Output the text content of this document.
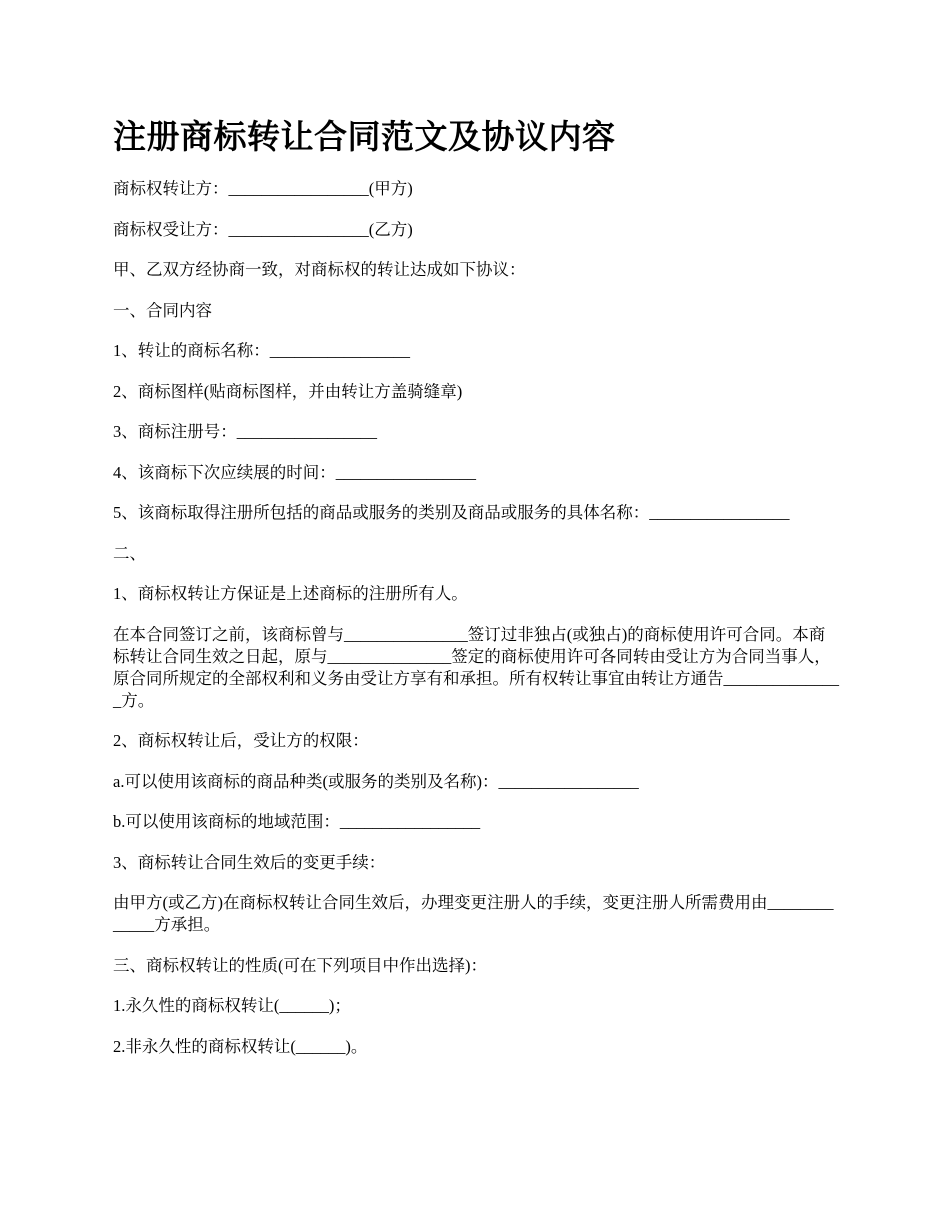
注册商标转让合同范文及协议内容

商标权转让方：_________________(甲方)

商标权受让方：_________________(乙方)

甲、乙双方经协商一致，对商标权的转让达成如下协议：

一、合同内容

1、转让的商标名称：_________________

2、商标图样(贴商标图样，并由转让方盖骑缝章)

3、商标注册号：_________________

4、该商标下次应续展的时间：_________________

5、该商标取得注册所包括的商品或服务的类别及商品或服务的具体名称：_________________

二、

1、商标权转让方保证是上述商标的注册所有人。

在本合同签订之前，该商标曾与_______________签订过非独占(或独占)的商标使用许可合同。本商标转让合同生效之日起，原与_______________签定的商标使用许可各同转由受让方为合同当事人，原合同所规定的全部权利和义务由受让方享有和承担。所有权转让事宜由转让方通告_______________方。

2、商标权转让后，受让方的权限：

a.可以使用该商标的商品种类(或服务的类别及名称)：_________________

b.可以使用该商标的地域范围：_________________

3、商标转让合同生效后的变更手续：

由甲方(或乙方)在商标权转让合同生效后，办理变更注册人的手续，变更注册人所需费用由_____________方承担。

三、商标权转让的性质(可在下列项目中作出选择)：

1.永久性的商标权转让(______)；

2.非永久性的商标权转让(______)。
